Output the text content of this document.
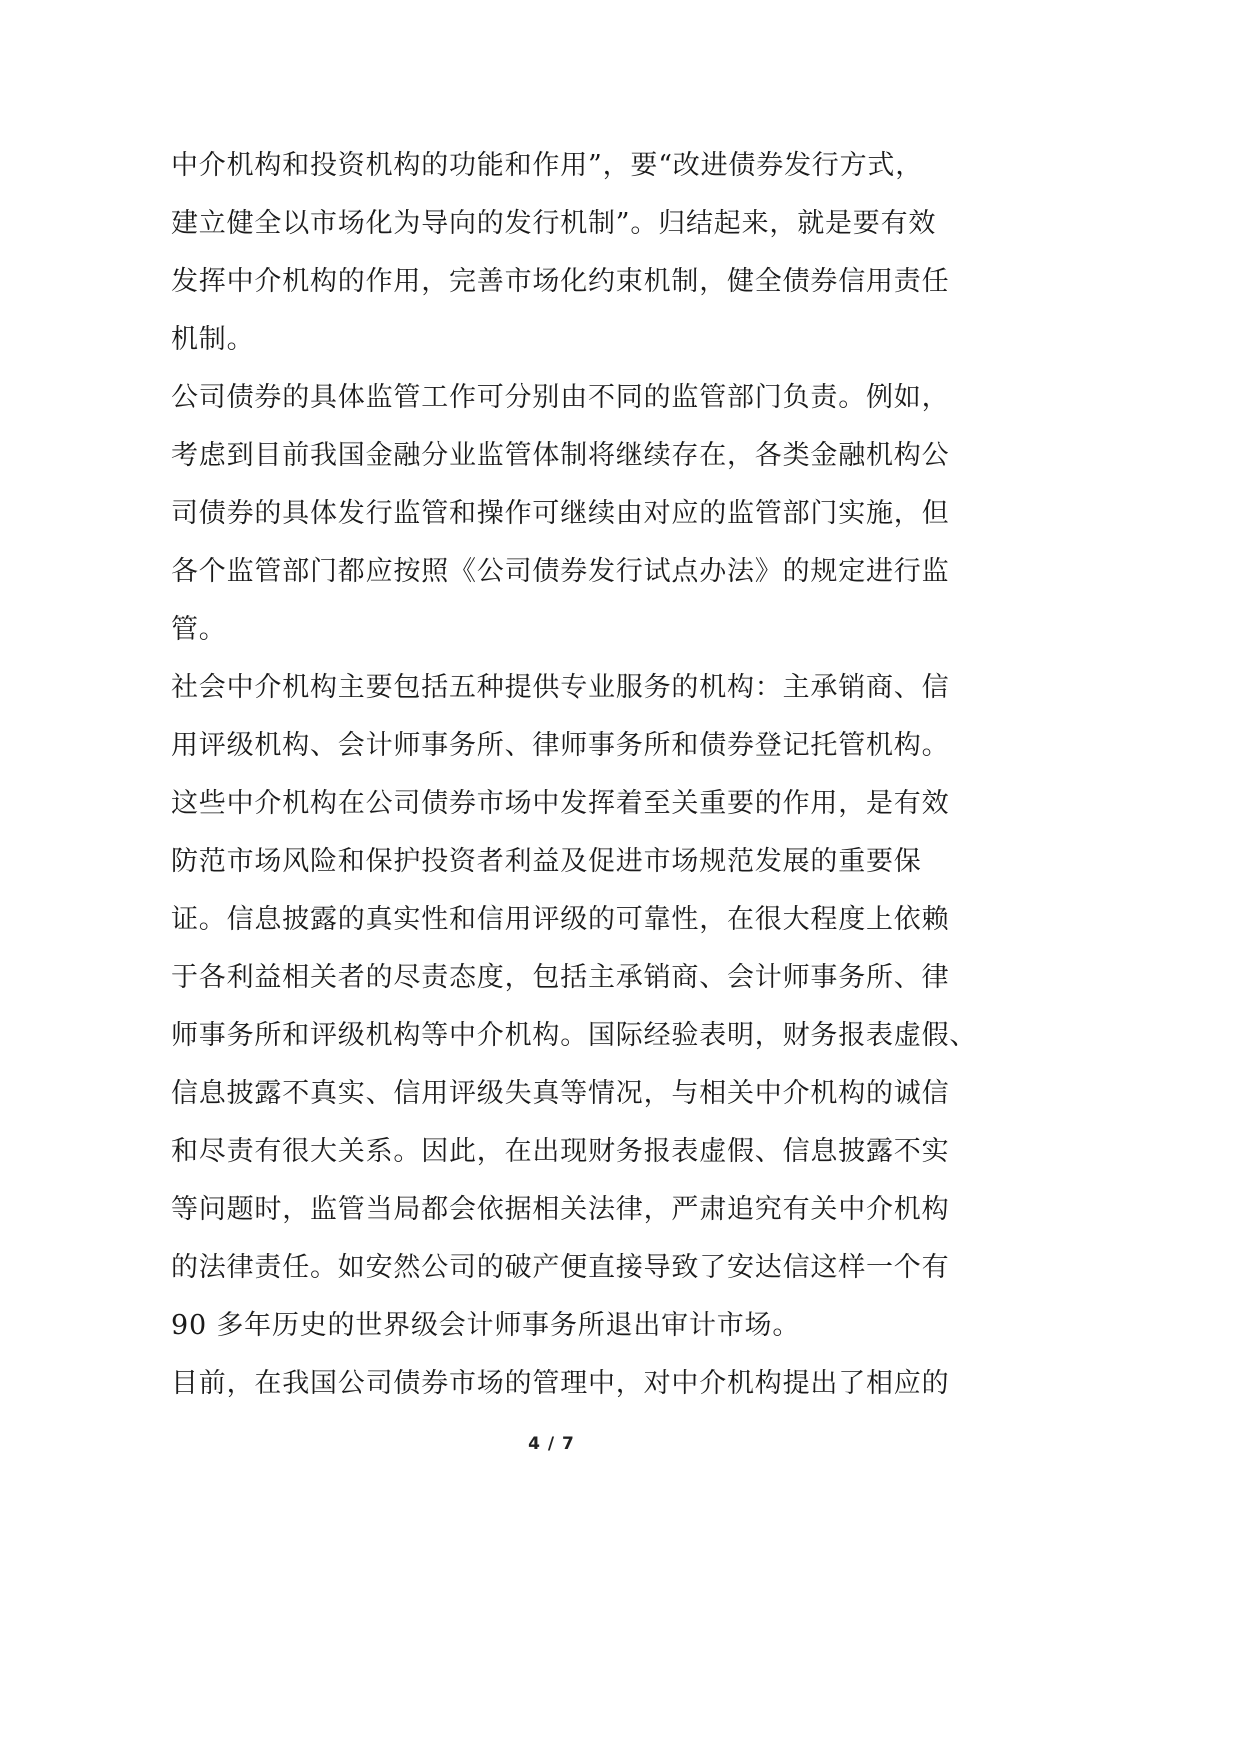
中介机构和投资机构的功能和作用”，要“改进债券发行方式，
建立健全以市场化为导向的发行机制”。归结起来，就是要有效
发挥中介机构的作用，完善市场化约束机制，健全债券信用责任
机制。
公司债券的具体监管工作可分别由不同的监管部门负责。例如，
考虑到目前我国金融分业监管体制将继续存在，各类金融机构公
司债券的具体发行监管和操作可继续由对应的监管部门实施，但
各个监管部门都应按照《公司债券发行试点办法》的规定进行监
管。
社会中介机构主要包括五种提供专业服务的机构：主承销商、信
用评级机构、会计师事务所、律师事务所和债券登记托管机构。
这些中介机构在公司债券市场中发挥着至关重要的作用，是有效
防范市场风险和保护投资者利益及促进市场规范发展的重要保
证。信息披露的真实性和信用评级的可靠性，在很大程度上依赖
于各利益相关者的尽责态度，包括主承销商、会计师事务所、律
师事务所和评级机构等中介机构。国际经验表明，财务报表虚假、
信息披露不真实、信用评级失真等情况，与相关中介机构的诚信
和尽责有很大关系。因此，在出现财务报表虚假、信息披露不实
等问题时，监管当局都会依据相关法律，严肃追究有关中介机构
的法律责任。如安然公司的破产便直接导致了安达信这样一个有
90 多年历史的世界级会计师事务所退出审计市场。
目前，在我国公司债券市场的管理中，对中介机构提出了相应的
4 / 7
